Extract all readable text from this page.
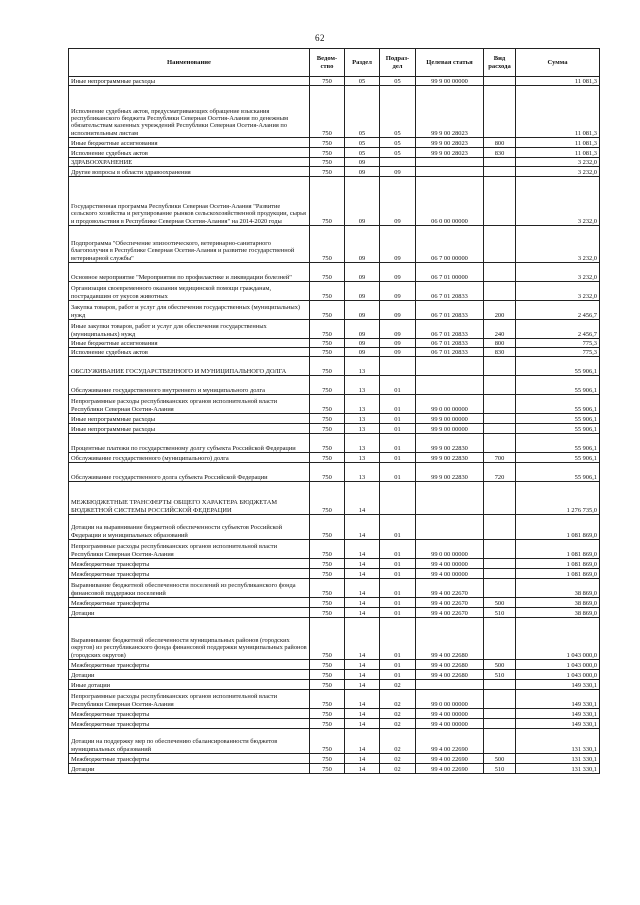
62
Наименование	Ведом-ство	Раздел	Подраз-дел	Целевая статья	Вид расхода	Сумма
Иные непрограммные расходы	750	05	05	99 9 00 00000		11 081,3
Исполнение судебных актов, предусматривающих обращение взыскания республиканского бюджета Республики Северная Осетия-Алания по денежным обязательствам казенных учреждений Республики Северная Осетия-Алания по исполнительным листам	750	05	05	99 9 00 28023		11 081,3
Иные бюджетные ассигнования	750	05	05	99 9 00 28023	800	11 081,3
Исполнение судебных актов	750	05	05	99 9 00 28023	830	11 081,3
ЗДРАВООХРАНЕНИЕ	750	09				3 232,0
Другие вопросы в области здравоохранения	750	09	09			3 232,0
Государственная программа Республики Северная Осетия-Алания "Развитие сельского хозяйства и регулирование рынков сельскохозяйственной продукции, сырья и продовольствия в Республике Северная Осетия-Алания" на 2014-2020 годы	750	09	09	06 0 00 00000		3 232,0
Подпрограмма "Обеспечение эпизоотического, ветеринарно-санитарного благополучия в Республике Северная Осетия-Алания и развитие государственной ветеринарной службы"	750	09	09	06 7 00 00000		3 232,0
Основное мероприятие "Мероприятия по профилактике и ликвидации болезней"	750	09	09	06 7 01 00000		3 232,0
Организация своевременного оказания медицинской помощи гражданам, пострадавшим от укусов животных	750	09	09	06 7 01 20833		3 232,0
Закупка товаров, работ и услуг для обеспечения государственных (муниципальных) нужд	750	09	09	06 7 01 20833	200	2 456,7
Иные закупки товаров, работ и услуг для обеспечения государственных (муниципальных) нужд	750	09	09	06 7 01 20833	240	2 456,7
Иные бюджетные ассигнования	750	09	09	06 7 01 20833	800	775,3
Исполнение судебных актов	750	09	09	06 7 01 20833	830	775,3
ОБСЛУЖИВАНИЕ ГОСУДАРСТВЕННОГО И МУНИЦИПАЛЬНОГО ДОЛГА	750	13				55 906,1
Обслуживание государственного внутреннего и муниципального долга	750	13	01			55 906,1
Непрограммные расходы республиканских органов исполнительной власти Республики Северная Осетия-Алания	750	13	01	99 0 00 00000		55 906,1
Иные непрограммные расходы	750	13	01	99 9 00 00000		55 906,1
Иные непрограммные расходы	750	13	01	99 9 00 00000		55 906,1
Процентные платежи по государственному долгу субъекта Российской Федерации	750	13	01	99 9 00 22830		55 906,1
Обслуживание государственного (муниципального) долга	750	13	01	99 9 00 22830	700	55 906,1
Обслуживание государственного долга субъекта Российской Федерации	750	13	01	99 9 00 22830	720	55 906,1
МЕЖБЮДЖЕТНЫЕ ТРАНСФЕРТЫ ОБЩЕГО ХАРАКТЕРА БЮДЖЕТАМ БЮДЖЕТНОЙ СИСТЕМЫ РОССИЙСКОЙ ФЕДЕРАЦИИ	750	14				1 276 735,0
Дотации на выравнивание бюджетной обеспеченности субъектов Российской Федерации и муниципальных образований	750	14	01			1 081 869,0
Непрограммные расходы республиканских органов исполнительной власти Республики Северная Осетия-Алания	750	14	01	99 0 00 00000		1 081 869,0
Межбюджетные трансферты	750	14	01	99 4 00 00000		1 081 869,0
Межбюджетные трансферты	750	14	01	99 4 00 00000		1 081 869,0
Выравнивание бюджетной обеспеченности поселений из республиканского фонда финансовой поддержки поселений	750	14	01	99 4 00 22670		38 869,0
Межбюджетные трансферты	750	14	01	99 4 00 22670	500	38 869,0
Дотации	750	14	01	99 4 00 22670	510	38 869,0
Выравнивание бюджетной обеспеченности муниципальных районов (городских округов) из республиканского фонда финансовой поддержки муниципальных районов (городских округов)	750	14	01	99 4 00 22680		1 043 000,0
Межбюджетные трансферты	750	14	01	99 4 00 22680	500	1 043 000,0
Дотации	750	14	01	99 4 00 22680	510	1 043 000,0
Иные дотации	750	14	02			149 330,1
Непрограммные расходы республиканских органов исполнительной власти Республики Северная Осетия-Алания	750	14	02	99 0 00 00000		149 330,1
Межбюджетные трансферты	750	14	02	99 4 00 00000		149 330,1
Межбюджетные трансферты	750	14	02	99 4 00 00000		149 330,1
Дотации на поддержку мер по обеспечению сбалансированности бюджетов муниципальных образований	750	14	02	99 4 00 22690		131 330,1
Межбюджетные трансферты	750	14	02	99 4 00 22690	500	131 330,1
Дотации	750	14	02	99 4 00 22690	510	131 330,1
